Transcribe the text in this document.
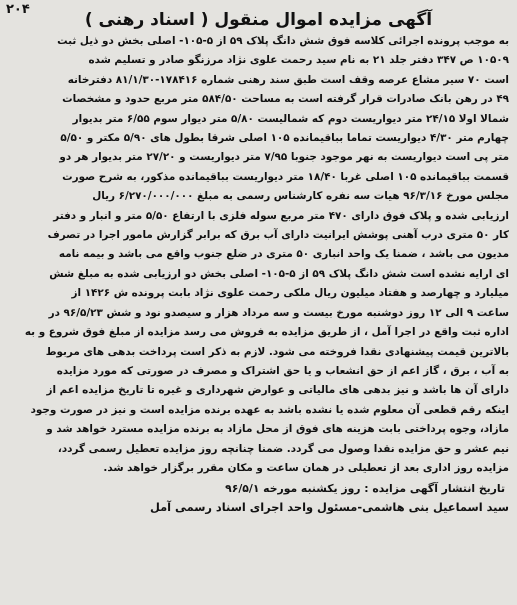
۲۰۴
آگهی مزایده اموال منقول ( اسناد رهنی )
به موجب پرونده اجرائی کلاسه فوق شش دانگ پلاک ۵۹ از ۵-۱۰۵- اصلی بخش دو ذیل ثبت
۱۰۵۰۹ ص ۳۴۷ دفتر جلد ۲۱ به نام سید رحمت علوی نژاد مرزنگو صادر و تسلیم شده
است ۷۰ سیر مشاع عرصه وقف است طبق سند رهنی شماره ۱۷۸۴۱۶-۸۱/۱/۳۰ دفترخانه
۴۹ در رهن بانک صادرات قرار گرفته است به مساحت ۵۸۴/۵۰ متر مربع حدود و مشخصات
شمالا اولا ۲۴/۱۵ متر دیواریست دوم که شمالیست ۵/۸۰ متر دیوار سوم ۶/۵۵ متر بدیوار
چهارم متر ۴/۳۰ دیواریست تماما بباقیمانده ۱۰۵ اصلی شرقا بطول های ۵/۹۰ مکتر و ۵/۵۰
متر پی است دیواریست به نهر موجود جنوبا ۷/۹۵ متر دیواریست و ۲۷/۲۰ متر بدیوار هر دو
قسمت بباقیمانده ۱۰۵ اصلی غربا ۱۸/۴۰ متر دیواریست بباقیمانده مذکور، به شرح صورت
مجلس مورخ ۹۶/۳/۱۶ هیات سه نفره کارشناس رسمی به مبلغ ۶/۲۷۰/۰۰۰/۰۰۰ ریال
ارزیابی شده و پلاک فوق دارای ۴۷۰ متر مربع سوله فلزی با ارتفاع ۵/۵۰ متر و انبار و دفتر
کار ۵۰ متری درب آهنی پوشش ایرانیت دارای آب برق که برابر گزارش مامور اجرا در تصرف
مدیون می باشد ، ضمنا یک واحد انباری ۵۰ متری در ضلع جنوب واقع می باشد و بیمه نامه
ای ارایه نشده است شش دانگ پلاک ۵۹ از ۵-۱۰۵- اصلی بخش دو ارزیابی شده به مبلغ شش
میلیارد و چهارصد و هفتاد میلیون ریال ملکی رحمت علوی نژاد بابت پرونده ش ۱۴۲۶ از
ساعت ۹ الی ۱۲ روز دوشنبه مورخ بیست و سه مرداد هزار و سیصدو نود و شش ۹۶/۵/۲۳ در
اداره ثبت واقع در اجرا آمل ، از طریق مزایده به فروش می رسد مزایده از مبلغ فوق شروع و به
بالاترین قیمت پیشنهادی نقدا فروخته می شود. لازم به ذکر است پرداخت بدهی های مربوط
به آب ، برق ، گاز اعم از حق انشعاب و یا حق اشتراک و مصرف در صورتی که مورد مزایده
دارای آن ها باشد و نیز بدهی های مالیاتی و عوارض شهرداری و غیره تا تاریخ مزایده اعم از
اینکه رقم قطعی آن معلوم شده یا نشده باشد به عهده برنده مزایده است و نیز در صورت وجود
مازاد، وجوه پرداختی بابت هزینه های فوق از محل مازاد به برنده مزایده مسترد خواهد شد و
نیم عشر و حق مزایده نقدا وصول می گردد. ضمنا چنانچه روز مزایده تعطیل رسمی گردد،
مزایده روز اداری بعد از تعطیلی در همان ساعت و مکان مقرر برگزار خواهد شد.
تاریخ انتشار آگهی مزایده : روز یکشنبه مورخه ۹۶/۵/۱
سید اسماعیل بنی هاشمی-مسئول واحد اجرای اسناد رسمی آمل
